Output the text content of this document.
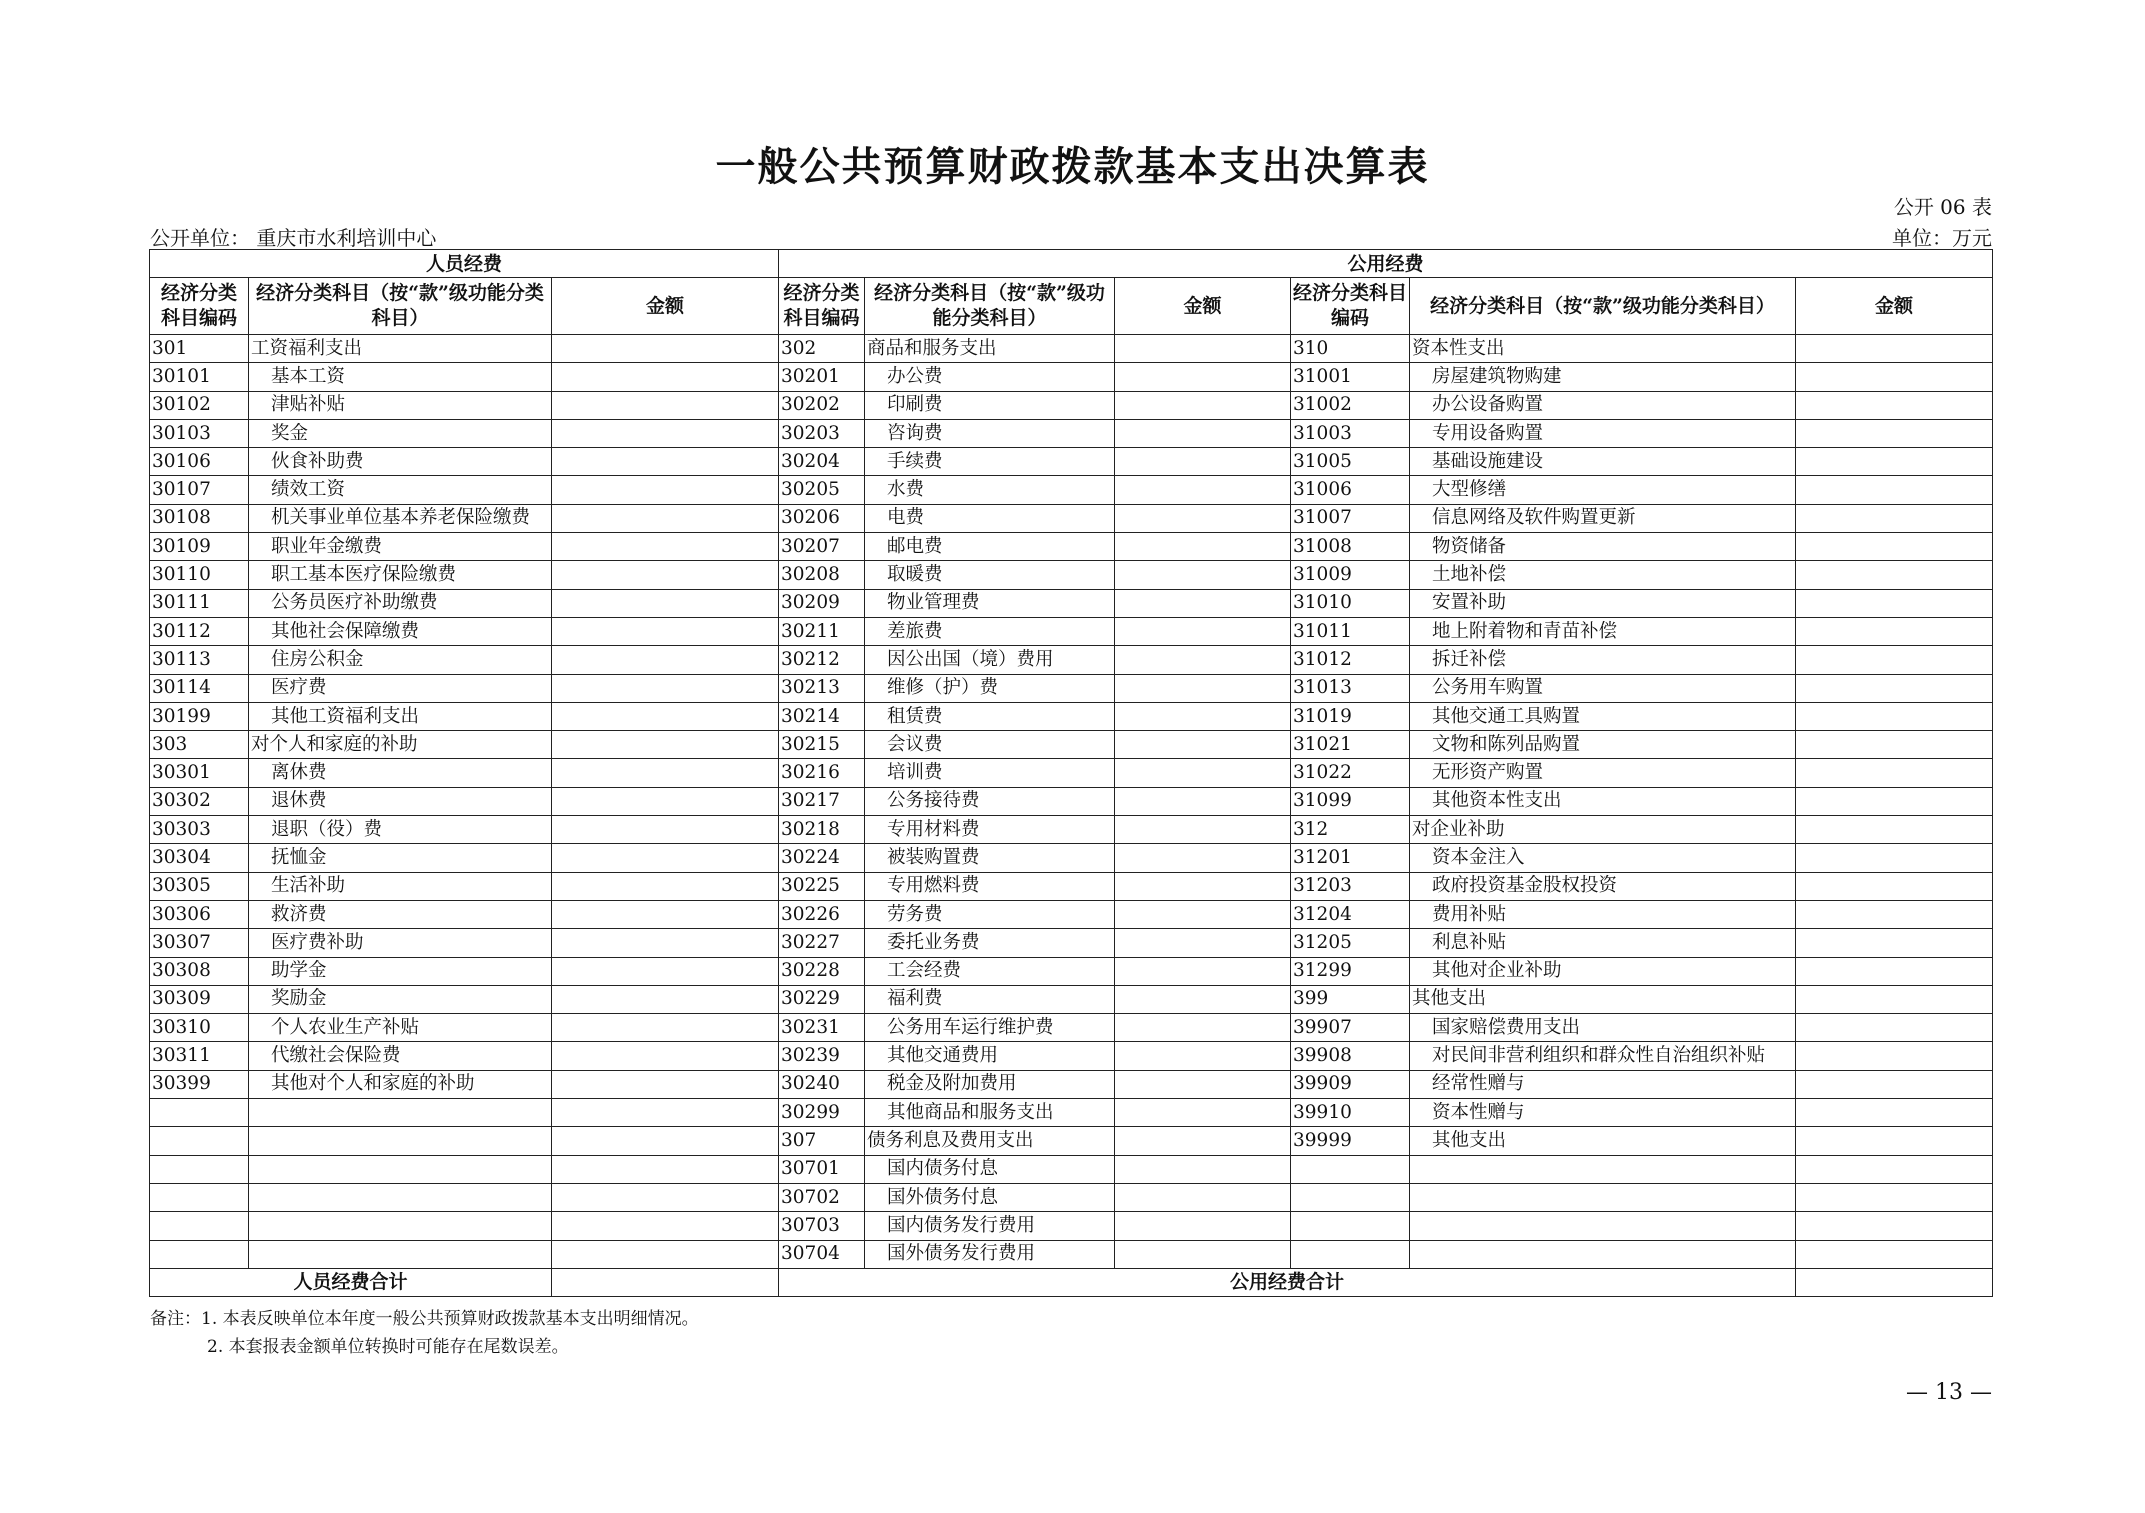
一般公共预算财政拨款基本支出决算表
公开 06 表
公开单位： 重庆市水利培训中心	单位：万元
人员经费			公用经费					
经济分类科目编码	经济分类科目（按“款”级功能分类科目）	金额	经济分类科目编码	经济分类科目（按“款”级功能分类科目）	金额	经济分类科目编码	经济分类科目（按“款”级功能分类科目）	金额
301	工资福利支出		302	商品和服务支出		310	资本性支出	
30101	基本工资		30201	办公费		31001	房屋建筑物购建	
30102	津贴补贴		30202	印刷费		31002	办公设备购置	
30103	奖金		30203	咨询费		31003	专用设备购置	
30106	伙食补助费		30204	手续费		31005	基础设施建设	
30107	绩效工资		30205	水费		31006	大型修缮	
30108	机关事业单位基本养老保险缴费		30206	电费		31007	信息网络及软件购置更新	
30109	职业年金缴费		30207	邮电费		31008	物资储备	
30110	职工基本医疗保险缴费		30208	取暖费		31009	土地补偿	
30111	公务员医疗补助缴费		30209	物业管理费		31010	安置补助	
30112	其他社会保障缴费		30211	差旅费		31011	地上附着物和青苗补偿	
30113	住房公积金		30212	因公出国（境）费用		31012	拆迁补偿	
30114	医疗费		30213	维修（护）费		31013	公务用车购置	
30199	其他工资福利支出		30214	租赁费		31019	其他交通工具购置	
303	对个人和家庭的补助		30215	会议费		31021	文物和陈列品购置	
30301	离休费		30216	培训费		31022	无形资产购置	
30302	退休费		30217	公务接待费		31099	其他资本性支出	
30303	退职（役）费		30218	专用材料费		312	对企业补助	
30304	抚恤金		30224	被装购置费		31201	资本金注入	
30305	生活补助		30225	专用燃料费		31203	政府投资基金股权投资	
30306	救济费		30226	劳务费		31204	费用补贴	
30307	医疗费补助		30227	委托业务费		31205	利息补贴	
30308	助学金		30228	工会经费		31299	其他对企业补助	
30309	奖励金		30229	福利费		399	其他支出	
30310	个人农业生产补贴		30231	公务用车运行维护费		39907	国家赔偿费用支出	
30311	代缴社会保险费		30239	其他交通费用		39908	对民间非营利组织和群众性自治组织补贴	
30399	其他对个人和家庭的补助		30240	税金及附加费用		39909	经常性赠与	
			30299	其他商品和服务支出		39910	资本性赠与	
			307	债务利息及费用支出		39999	其他支出	
			30701	国内债务付息				
			30702	国外债务付息				
			30703	国内债务发行费用				
			30704	国外债务发行费用				
人员经费合计			公用经费合计					
备注：1. 本表反映单位本年度一般公共预算财政拨款基本支出明细情况。
2. 本套报表金额单位转换时可能存在尾数误差。
— 13 —
